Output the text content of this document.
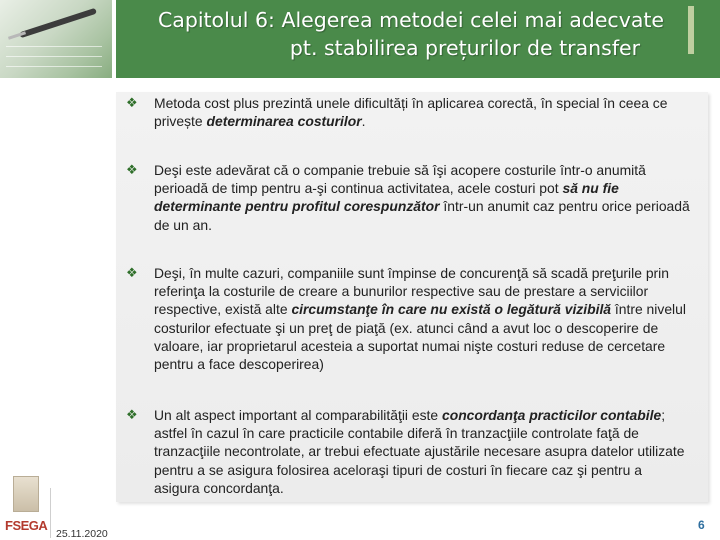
Capitolul 6: Alegerea metodei celei mai adecvate
pt. stabilirea prețurilor de transfer
❖	Metoda cost plus prezintă unele dificultăți în aplicarea corectă, în special în ceea ce privește determinarea costurilor.
❖	Deşi este adevărat că o companie trebuie să îşi acopere costurile într-o anumită perioadă de timp pentru a-şi continua activitatea, acele costuri pot să nu fie determinante pentru profitul corespunzător într-un anumit caz pentru orice perioadă de un an.
❖	Deşi, în multe cazuri, companiile sunt împinse de concurenţă să scadă preţurile prin referinţa la costurile de creare a bunurilor respective sau de prestare a serviciilor respective, există alte circumstanţe în care nu există o legătură vizibilă între nivelul costurilor efectuate şi un preţ de piaţă (ex. atunci când a avut loc o descoperire de valoare, iar proprietarul acesteia a suportat numai nişte costuri reduse de cercetare pentru a face descoperirea)
❖	Un alt aspect important al comparabilităţii este concordanţa practicilor contabile; astfel în cazul în care practicile contabile diferă în tranzacţiile controlate faţă de tranzacţiile necontrolate, ar trebui efectuate ajustările necesare asupra datelor utilizate pentru a se asigura folosirea aceloraşi tipuri de costuri în fiecare caz şi pentru a asigura concordanţa.
FSEGA
25.11.2020
6
